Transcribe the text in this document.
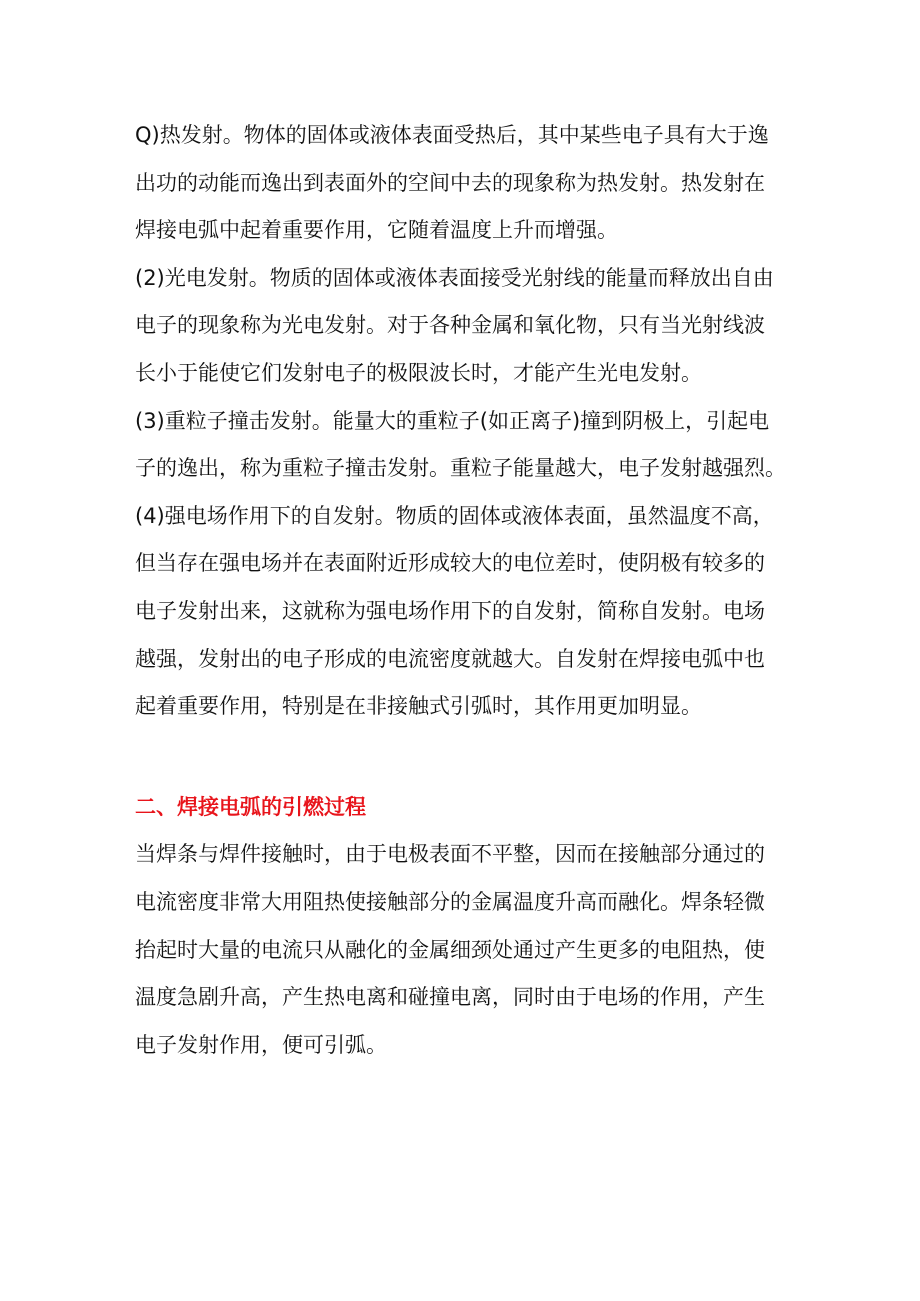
Q)热发射。物体的固体或液体表面受热后，其中某些电子具有大于逸
出功的动能而逸出到表面外的空间中去的现象称为热发射。热发射在
焊接电弧中起着重要作用，它随着温度上升而增强。
(2)光电发射。物质的固体或液体表面接受光射线的能量而释放出自由
电子的现象称为光电发射。对于各种金属和氧化物，只有当光射线波
长小于能使它们发射电子的极限波长时，才能产生光电发射。
(3)重粒子撞击发射。能量大的重粒子(如正离子)撞到阴极上，引起电
子的逸出，称为重粒子撞击发射。重粒子能量越大，电子发射越强烈。
(4)强电场作用下的自发射。物质的固体或液体表面，虽然温度不高，
但当存在强电场并在表面附近形成较大的电位差时，使阴极有较多的
电子发射出来，这就称为强电场作用下的自发射，简称自发射。电场
越强，发射出的电子形成的电流密度就越大。自发射在焊接电弧中也
起着重要作用，特别是在非接触式引弧时，其作用更加明显。
二、焊接电弧的引燃过程
当焊条与焊件接触时，由于电极表面不平整，因而在接触部分通过的
电流密度非常大用阻热使接触部分的金属温度升高而融化。焊条轻微
抬起时大量的电流只从融化的金属细颈处通过产生更多的电阻热，使
温度急剧升高，产生热电离和碰撞电离，同时由于电场的作用，产生
电子发射作用，便可引弧。
